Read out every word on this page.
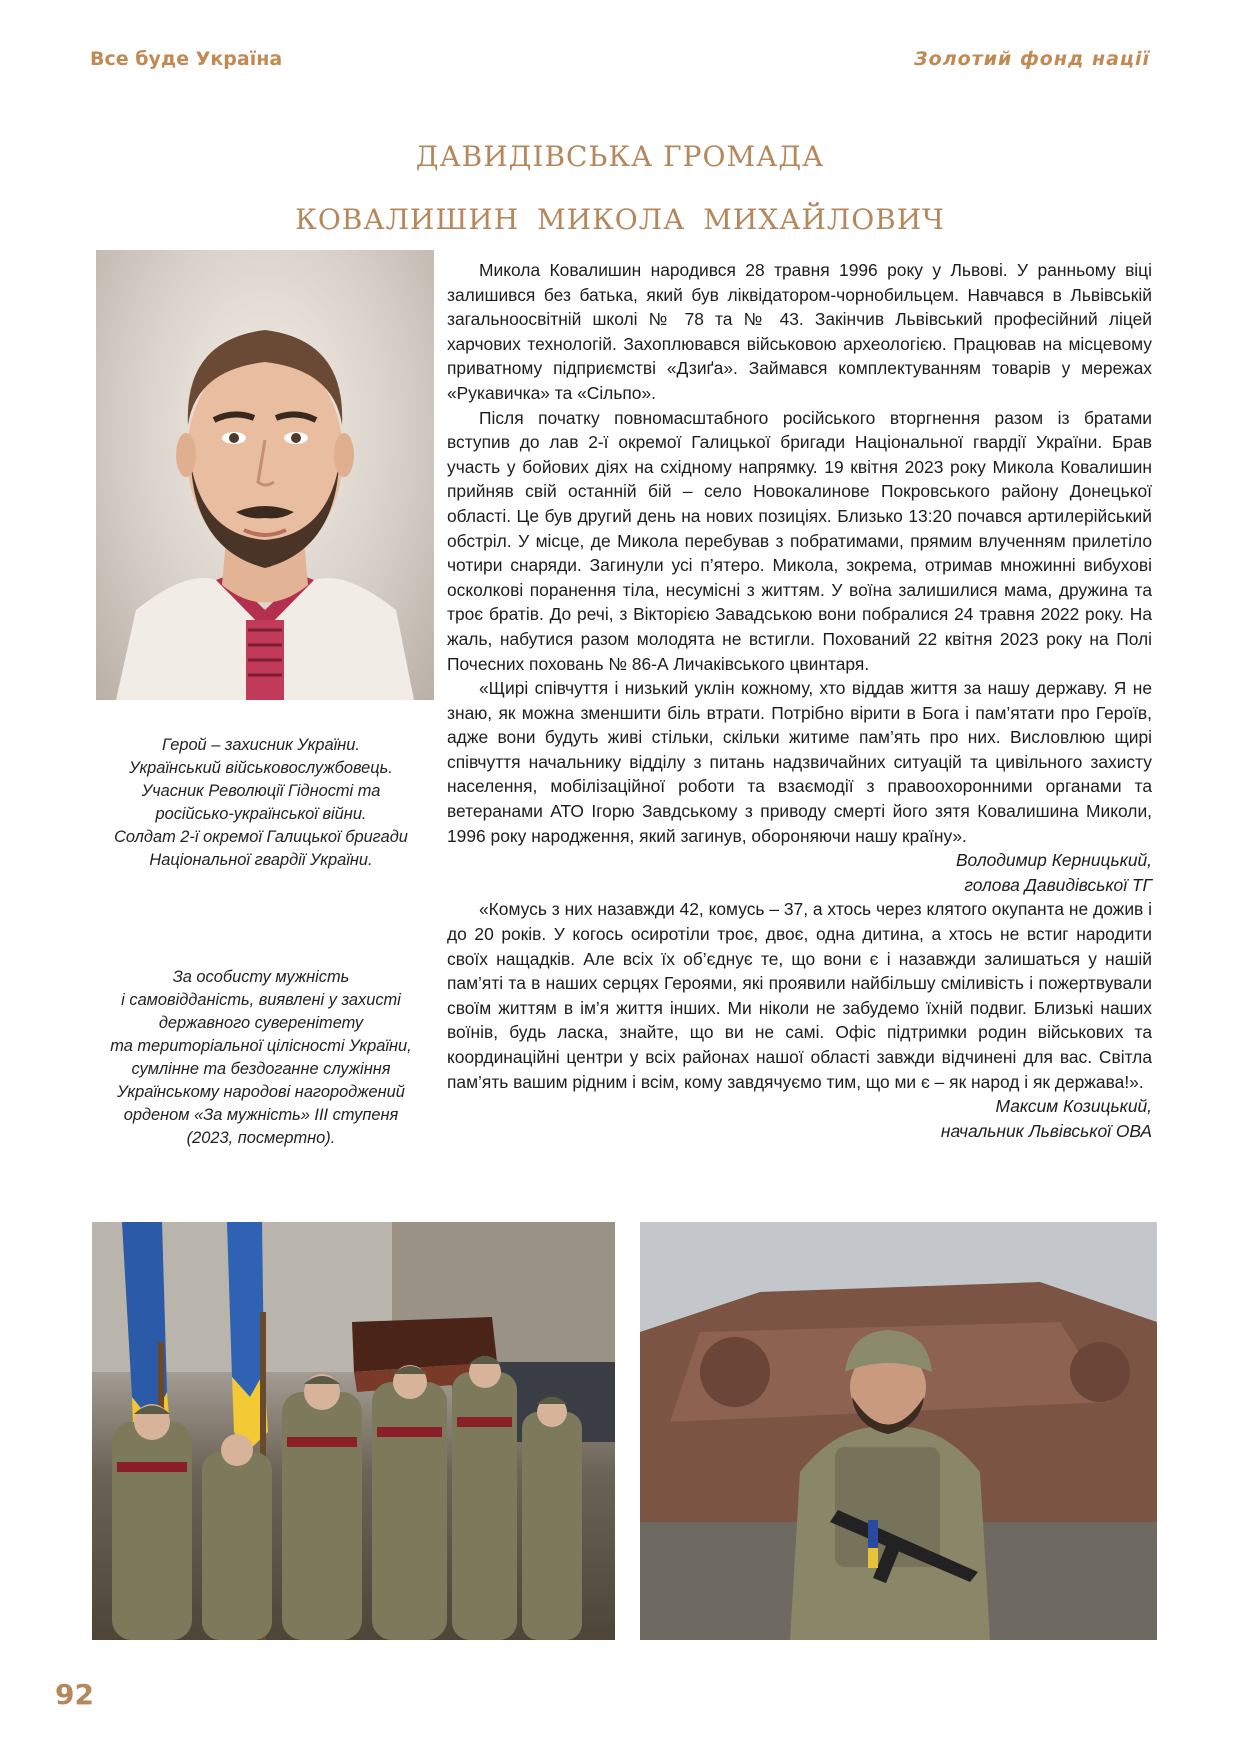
Все буде Україна	Золотий фонд нації
ДАВИДІВСЬКА ГРОМАДА
КОВАЛИШИН МИКОЛА МИХАЙЛОВИЧ
Герой – захисник України.
Український військовослужбовець.
Учасник Революції Гідності та
російсько-української війни.
Солдат 2-ї окремої Галицької бригади
Національної гвардії України.
За особисту мужність
і самовідданість, виявлені у захисті
державного суверенітету
та територіальної цілісності України,
сумлінне та бездоганне служіння
Українському народові нагороджений
орденом «За мужність» ІІІ ступеня
(2023, посмертно).

Микола Ковалишин народився 28 травня 1996 року у Львові. У ранньому віці залишився без батька, який був ліквідатором-чорнобильцем. Навчався в Львівській загальноосвітній школі № 78 та № 43. Закінчив Львівський професійний ліцей харчових технологій. Захоплювався військовою археологією. Працював на місцевому приватному підприємстві «Дзиґа». Займався комплектуванням товарів у мережах «Рукавичка» та «Сільпо».

Після початку повномасштабного російського вторгнення разом із братами вступив до лав 2-ї окремої Галицької бригади Національної гвардії України. Брав участь у бойових діях на східному напрямку. 19 квітня 2023 року Микола Ковалишин прийняв свій останній бій – село Новокалинове Покровського району Донецької області. Це був другий день на нових позиціях. Близько 13:20 почався артилерійський обстріл. У місце, де Микола перебував з побратимами, прямим влученням прилетіло чотири снаряди. Загинули усі п’ятеро. Микола, зокрема, отримав множинні вибухові осколкові поранення тіла, несумісні з життям. У воїна залишилися мама, дружина та троє братів. До речі, з Вікторією Завадською вони побралися 24 травня 2022 року. На жаль, набутися разом молодята не встигли. Похований 22 квітня 2023 року на Полі Почесних поховань № 86-А Личаківського цвинтаря.

«Щирі співчуття і низький уклін кожному, хто віддав життя за нашу державу. Я не знаю, як можна зменшити біль втрати. Потрібно вірити в Бога і пам’ятати про Героїв, адже вони будуть живі стільки, скільки житиме пам’ять про них. Висловлюю щирі співчуття начальнику відділу з питань надзвичайних ситуацій та цивільного захисту населення, мобілізаційної роботи та взаємодії з правоохоронними органами та ветеранами АТО Ігорю Завдському з приводу смерті його зятя Ковалишина Миколи, 1996 року народження, який загинув, обороняючи нашу країну».
Володимир Керницький,

голова Давидівської ТГ

«Комусь з них назавжди 42, комусь – 37, а хтось через клятого окупанта не дожив і до 20 років. У когось осиротіли троє, двоє, одна дитина, а хтось не встиг народити своїх нащадків. Але всіх їх об’єднує те, що вони є і назавжди залишаться у нашій пам’яті та в наших серцях Героями, які проявили найбільшу сміливість і пожертвували своїм життям в ім’я життя інших. Ми ніколи не забудемо їхній подвиг. Близькі наших воїнів, будь ласка, знайте, що ви не самі. Офіс підтримки родин військових та координаційні центри у всіх районах нашої області завжди відчинені для вас. Світла пам’ять вашим рідним і всім, кому завдячуємо тим, що ми є – як народ і як держава!».

Максим Козицький,

начальник Львівської ОВА

92
